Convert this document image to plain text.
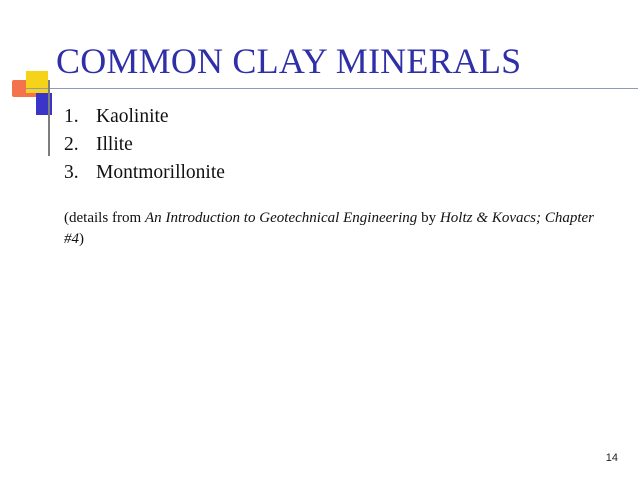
COMMON CLAY MINERALS
1. Kaolinite
2. Illite
3. Montmorillonite
(details from An Introduction to Geotechnical Engineering by Holtz & Kovacs; Chapter #4)
14
